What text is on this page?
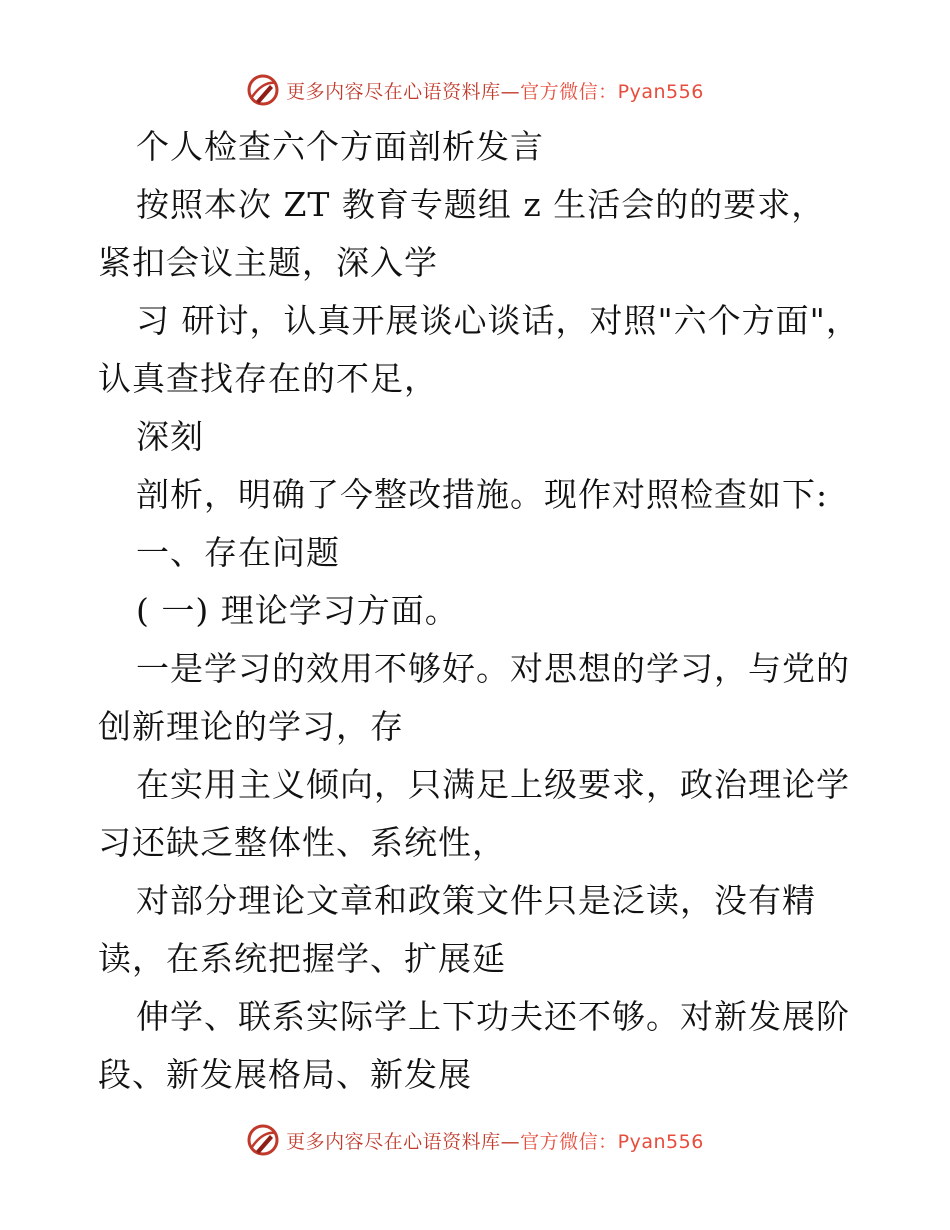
更多内容尽在心语资料库—官方微信：Pyan556
个人检查六个方面剖析发言
按照本次 ZT 教育专题组 z 生活会的的要求，
紧扣会议主题，深入学
习 研讨，认真开展谈心谈话，对照"六个方面"，
认真查找存在的不足，
深刻
剖析，明确了今整改措施。现作对照检查如下:
一、存在问题
( 一) 理论学习方面。
一是学习的效用不够好。对思想的学习，与党的
创新理论的学习，存
在实用主义倾向，只满足上级要求，政治理论学
习还缺乏整体性、系统性，
对部分理论文章和政策文件只是泛读，没有精
读，在系统把握学、扩展延
伸学、联系实际学上下功夫还不够。对新发展阶
段、新发展格局、新发展
更多内容尽在心语资料库—官方微信：Pyan556
